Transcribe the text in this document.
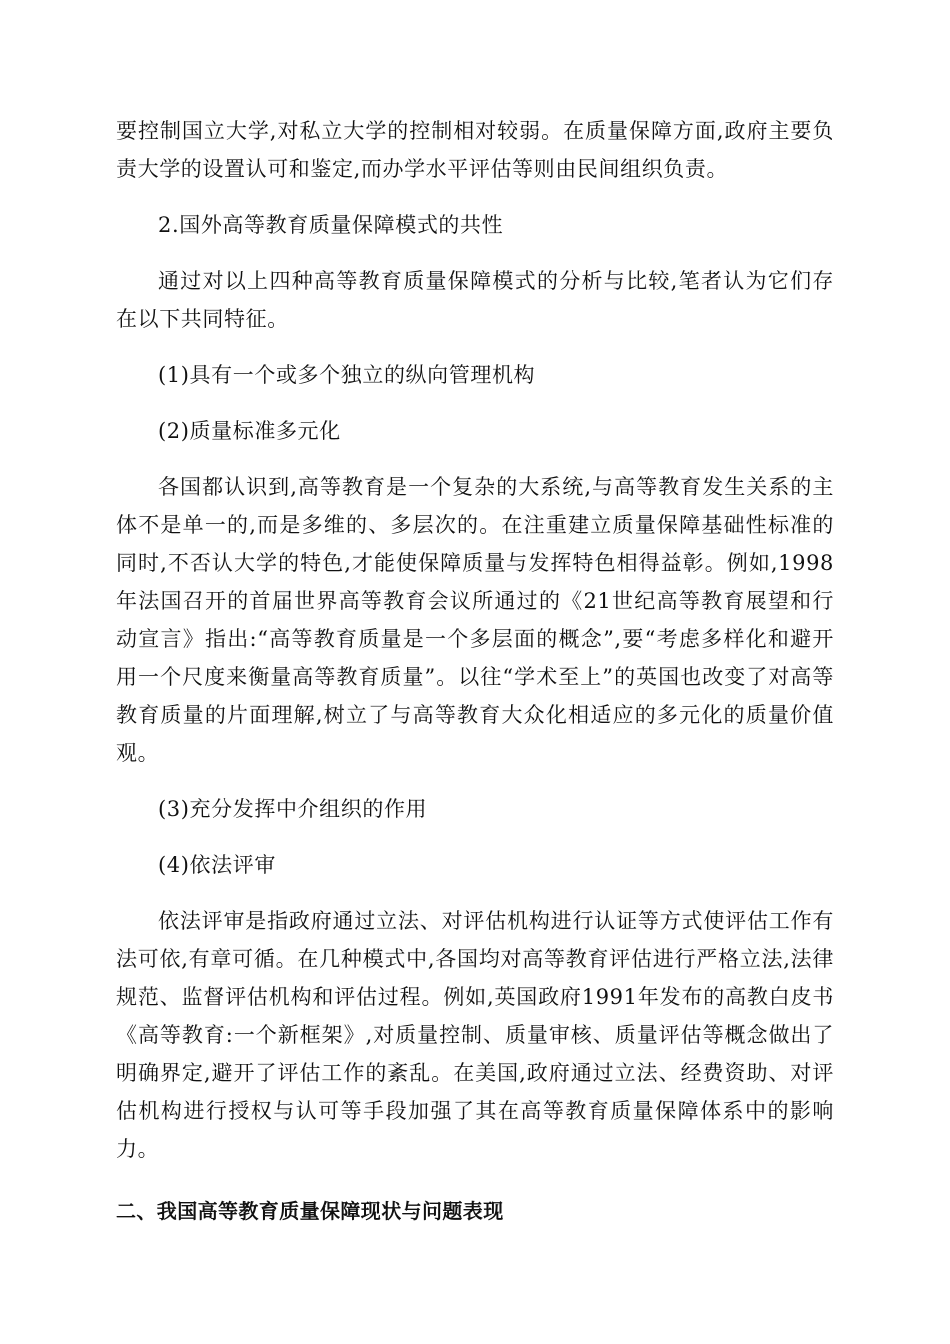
要控制国立大学,对私立大学的控制相对较弱。在质量保障方面,政府主要负责大学的设置认可和鉴定,而办学水平评估等则由民间组织负责。

2.国外高等教育质量保障模式的共性

通过对以上四种高等教育质量保障模式的分析与比较,笔者认为它们存在以下共同特征。

(1)具有一个或多个独立的纵向管理机构

(2)质量标准多元化

各国都认识到,高等教育是一个复杂的大系统,与高等教育发生关系的主体不是单一的,而是多维的、多层次的。在注重建立质量保障基础性标准的同时,不否认大学的特色,才能使保障质量与发挥特色相得益彰。例如,1998年法国召开的首届世界高等教育会议所通过的《21世纪高等教育展望和行动宣言》指出:“高等教育质量是一个多层面的概念”,要“考虑多样化和避开用一个尺度来衡量高等教育质量”。以往“学术至上”的英国也改变了对高等教育质量的片面理解,树立了与高等教育大众化相适应的多元化的质量价值观。

(3)充分发挥中介组织的作用

(4)依法评审

依法评审是指政府通过立法、对评估机构进行认证等方式使评估工作有法可依,有章可循。在几种模式中,各国均对高等教育评估进行严格立法,法律规范、监督评估机构和评估过程。例如,英国政府1991年发布的高教白皮书《高等教育:一个新框架》,对质量控制、质量审核、质量评估等概念做出了明确界定,避开了评估工作的紊乱。在美国,政府通过立法、经费资助、对评估机构进行授权与认可等手段加强了其在高等教育质量保障体系中的影响力。

二、我国高等教育质量保障现状与问题表现
